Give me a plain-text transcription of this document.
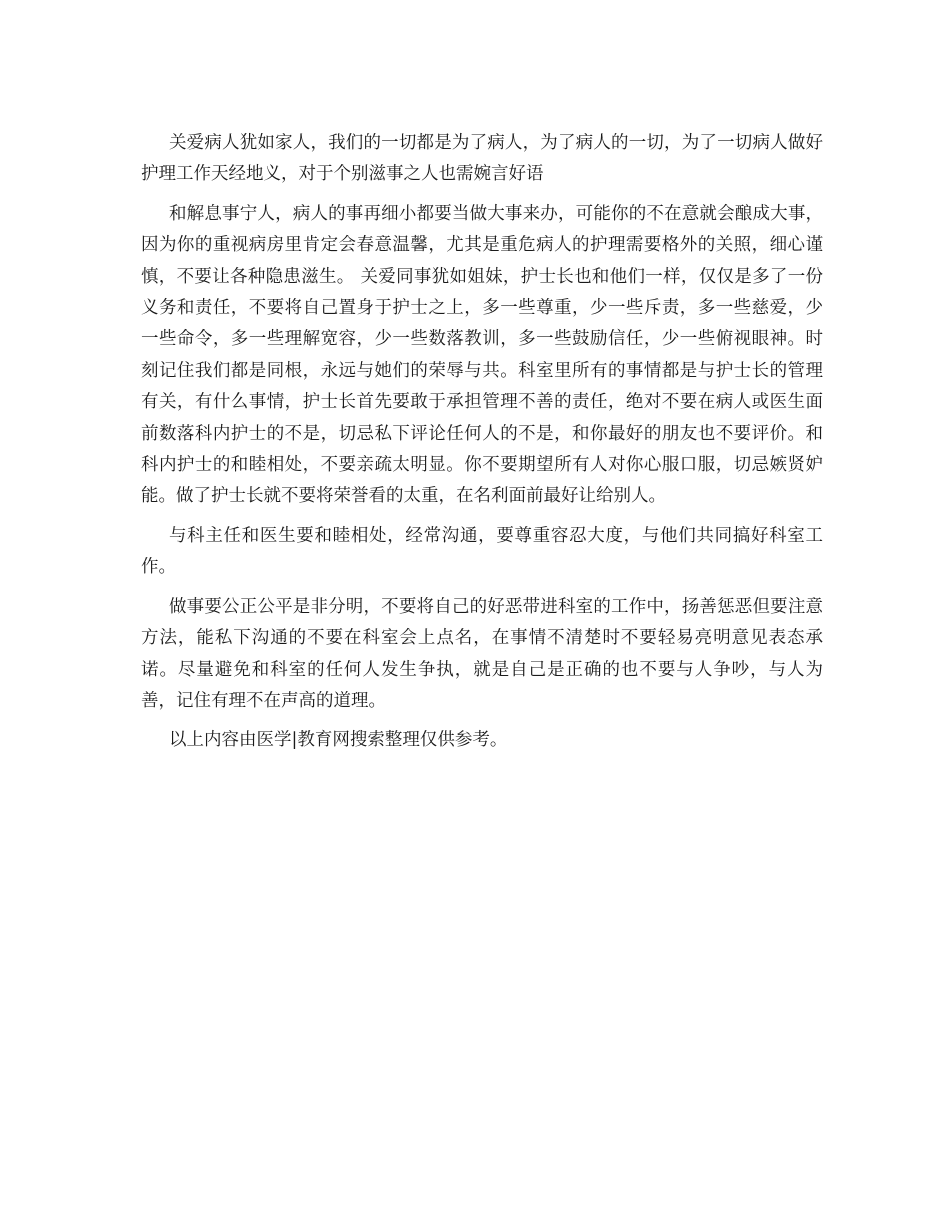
关爱病人犹如家人，我们的一切都是为了病人，为了病人的一切，为了一切病人做好护理工作天经地义，对于个别滋事之人也需婉言好语

和解息事宁人，病人的事再细小都要当做大事来办，可能你的不在意就会酿成大事，因为你的重视病房里肯定会春意温馨，尤其是重危病人的护理需要格外的关照，细心谨慎，不要让各种隐患滋生。 关爱同事犹如姐妹，护士长也和他们一样，仅仅是多了一份义务和责任，不要将自己置身于护士之上，多一些尊重，少一些斥责，多一些慈爱，少一些命令，多一些理解宽容，少一些数落教训，多一些鼓励信任，少一些俯视眼神。时刻记住我们都是同根，永远与她们的荣辱与共。科室里所有的事情都是与护士长的管理有关，有什么事情，护士长首先要敢于承担管理不善的责任，绝对不要在病人或医生面前数落科内护士的不是，切忌私下评论任何人的不是，和你最好的朋友也不要评价。和科内护士的和睦相处，不要亲疏太明显。你不要期望所有人对你心服口服，切忌嫉贤妒能。做了护士长就不要将荣誉看的太重，在名利面前最好让给别人。

与科主任和医生要和睦相处，经常沟通，要尊重容忍大度，与他们共同搞好科室工作。

做事要公正公平是非分明，不要将自己的好恶带进科室的工作中，扬善惩恶但要注意方法，能私下沟通的不要在科室会上点名，在事情不清楚时不要轻易亮明意见表态承诺。尽量避免和科室的任何人发生争执，就是自己是正确的也不要与人争吵，与人为善，记住有理不在声高的道理。

以上内容由医学|教育网搜索整理仅供参考。
